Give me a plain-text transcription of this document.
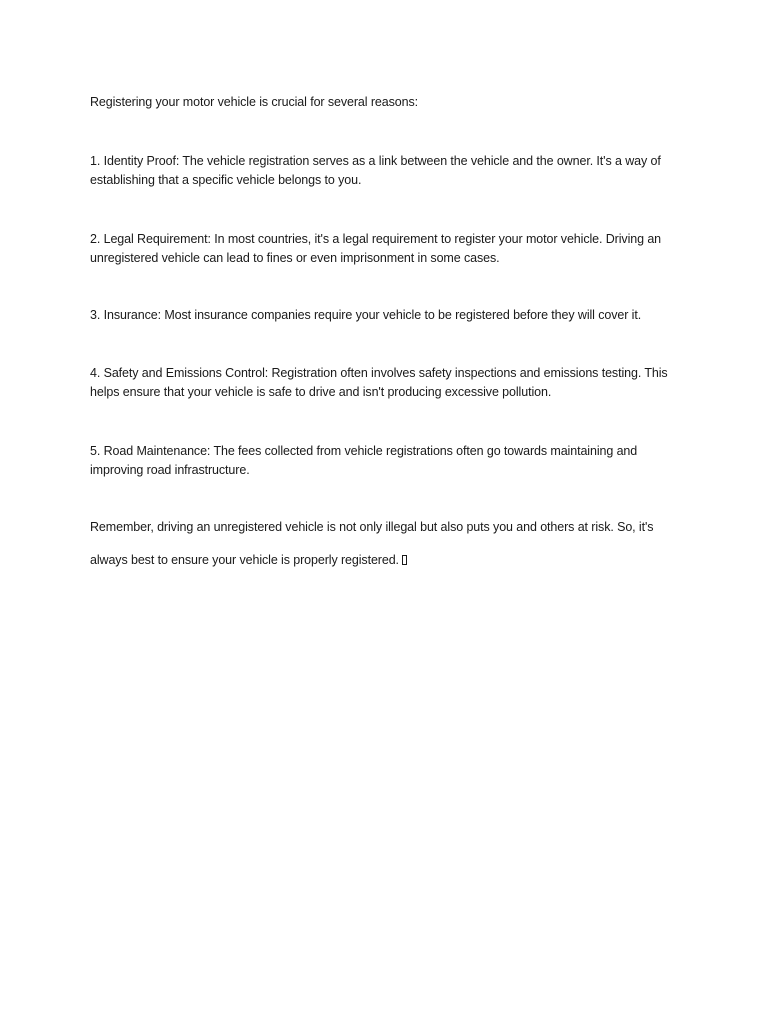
Registering your motor vehicle is crucial for several reasons:

1. Identity Proof: The vehicle registration serves as a link between the vehicle and the owner. It's a way of establishing that a specific vehicle belongs to you.

2. Legal Requirement: In most countries, it's a legal requirement to register your motor vehicle. Driving an unregistered vehicle can lead to fines or even imprisonment in some cases.

3. Insurance: Most insurance companies require your vehicle to be registered before they will cover it.

4. Safety and Emissions Control: Registration often involves safety inspections and emissions testing. This helps ensure that your vehicle is safe to drive and isn't producing excessive pollution.

5. Road Maintenance: The fees collected from vehicle registrations often go towards maintaining and improving road infrastructure.

Remember, driving an unregistered vehicle is not only illegal but also puts you and others at risk. So, it's

always best to ensure your vehicle is properly registered.
